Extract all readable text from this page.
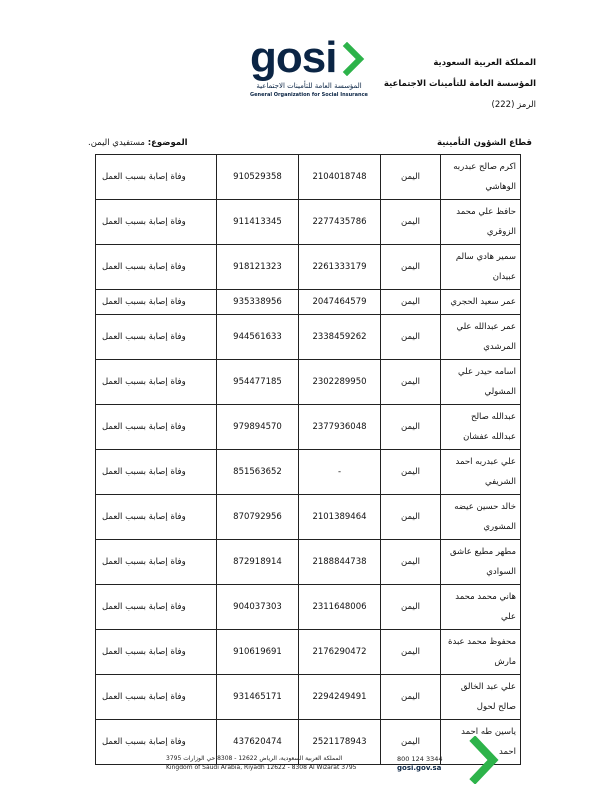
gosi
المؤسسة العامة للتأمينات الاجتماعية
General Organization for Social Insurance
المملكة العربية السعودية
المؤسسة العامة للتأمينات الاجتماعية
الرمز (222)
قطاع الشؤون التأمينية
الموضوع: مستفيدي اليمن.
اكرم صالح عبدربه الوهاشي	اليمن	2104018748	910529358	وفاة إصابة بسبب العمل
حافظ علي محمد الزوقري	اليمن	2277435786	911413345	وفاة إصابة بسبب العمل
سمير هادي سالم عبيدان	اليمن	2261333179	918121323	وفاة إصابة بسبب العمل
عمر سعيد الحجري	اليمن	2047464579	935338956	وفاة إصابة بسبب العمل
عمر عبدالله علي المرشدي	اليمن	2338459262	944561633	وفاة إصابة بسبب العمل
اسامه حيدر علي المشولي	اليمن	2302289950	954477185	وفاة إصابة بسبب العمل
عبدالله صالح عبدالله عفشان	اليمن	2377936048	979894570	وفاة إصابة بسبب العمل
علي عبدربه احمد الشريفي	اليمن	-	851563652	وفاة إصابة بسبب العمل
خالد حسين عيضه المشوري	اليمن	2101389464	870792956	وفاة إصابة بسبب العمل
مطهر مطيع عاشق السوادي	اليمن	2188844738	872918914	وفاة إصابة بسبب العمل
هاني محمد محمد علي	اليمن	2311648006	904037303	وفاة إصابة بسبب العمل
محفوظ محمد عبدة مارش	اليمن	2176290472	910619691	وفاة إصابة بسبب العمل
علي عبد الخالق صالح لحول	اليمن	2294249491	931465171	وفاة إصابة بسبب العمل
ياسين طه احمد احمد	اليمن	2521178943	437620474	وفاة إصابة بسبب العمل
المملكة العربية السعودية، الرياض 12622 - 8308 حي الوزارات 3795
Kingdom of Saudi Arabia, Riyadh 12622 - 8308 Al Wizarat 3795
800 124 3344
gosi.gov.sa
